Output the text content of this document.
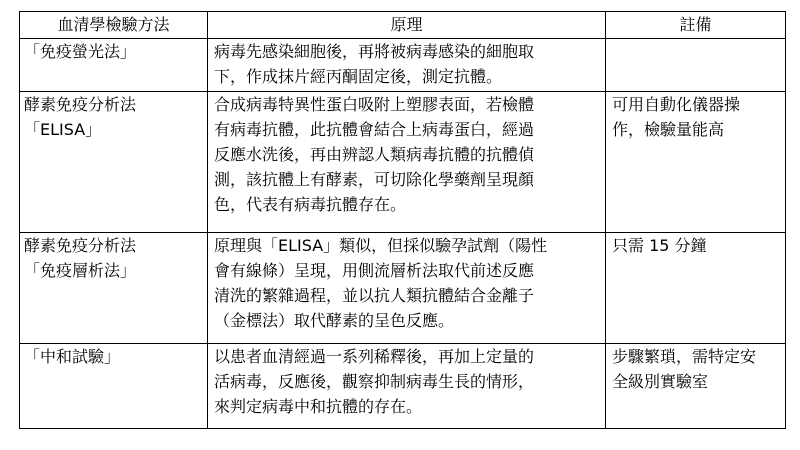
血清學檢驗方法	原理	註備

「免疫螢光法」	病毒先感染細胞後，再將被病毒感染的細胞取
下，作成抹片經丙酮固定後，測定抗體。	

酵素免疫分析法
「ELISA」	合成病毒特異性蛋白吸附上塑膠表面，若檢體
有病毒抗體，此抗體會結合上病毒蛋白，經過
反應水洗後，再由辨認人類病毒抗體的抗體偵
測，該抗體上有酵素，可切除化學藥劑呈現顏
色，代表有病毒抗體存在。	可用自動化儀器操
作，檢驗量能高

酵素免疫分析法
「免疫層析法」	原理與「ELISA」類似，但採似驗孕試劑（陽性
會有線條）呈現，用側流層析法取代前述反應
清洗的繁雜過程，並以抗人類抗體結合金離子
（金標法）取代酵素的呈色反應。	只需 15 分鐘

「中和試驗」	以患者血清經過一系列稀釋後，再加上定量的
活病毒，反應後，觀察抑制病毒生長的情形，
來判定病毒中和抗體的存在。	步驟繁瑣，需特定安
全級別實驗室
